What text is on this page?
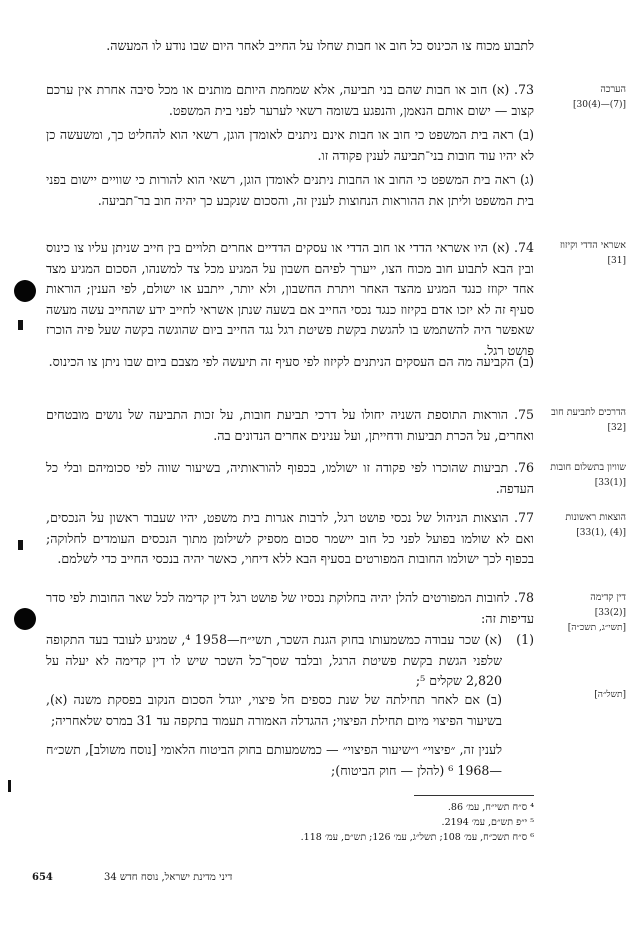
לתבוע מכוח צו הכינוס כל חוב או חבות שחלו על החייב לאחר היום שבו נודע לו המעשה.

הערכה
[(7)—(4)30]

73. (א) חוב או חבות שהם בני תביעה, אלא שמחמת היותם מותנים או מכל סיבה אחרת אין ערכם קצוב — ישום אותם הנאמן, והנפגע בשומה רשאי לערער לפני בית המשפט.

(ב) ראה בית המשפט כי חוב או חבות אינם ניתנים לאומדן הוגן, רשאי הוא להחליט כך, ומשעשה כן לא יהיו עוד חובות בני־תביעה לענין פקודה זו.

(ג) ראה בית המשפט כי החוב או החבות ניתנים לאומדן הוגן, רשאי הוא להורות כי שוויים יישום בפני בית המשפט וליתן את ההוראות הנחוצות לענין זה, והסכום שנקבע כך יהיה חוב בר־תביעה.

אשראי הדדי וקיזוז
[31]

74. (א) היו אשראי הדדי או חוב הדדי או עסקים הדדיים אחרים תלויים בין חייב שניתן עליו צו כינוס ובין הבא לתבוע חוב מכוח הצו, ייערך לפיהם חשבון על המגיע מכל צד למשנהו, הסכום המגיע מצד אחד יקוזז כנגד המגיע מהצד האחר ויתרת החשבון, ולא יותר, ייתבע או ישולם, לפי הענין; הוראות סעיף זה לא יזכו אדם בקיזוז כנגד נכסי החייב אם בשעה שנתן אשראי לחייב ידע שהחייב עשה מעשה שאפשר היה להשתמש בו להגשת בקשת פשיטת רגל נגד החייב ביום שהוגשה בקשה שעל פיה הוכרז פושט רגל.

(ב) הקביעה מה הם העסקים הניתנים לקיזוז לפי סעיף זה תיעשה לפי מצבם ביום שבו ניתן צו הכינוס.

הדרכים לתביעת חוב
[32]

75. הוראות התוספת השניה יחולו על דרכי תביעת חובות, על זכות התביעה של נושים מובטחים ואחרים, על הכרת תביעות ודחייתן, ועל ענינים אחרים הנדונים בה.

שוויון בתשלום חובות
[(1)33]

76. תביעות שהוכרו לפי פקודה זו ישולמו, בכפוף להוראותיה, בשיעור שווה לפי סכומיהם ובלי כל העדפה.

הוצאות ראשונות
[(4) ,(1)33]

77. הוצאות הניהול של נכסי פושט רגל, לרבות אגרות בית משפט, יהיו שעבוד ראשון על הנכסים, ואם לא שולמו בפועל לפני כל חוב יישמר סכום מספיק לשילומן מתוך הנכסים העומדים לחלוקה; בכפוף לכך ישולמו החובות המפורטים בסעיף הבא ללא דיחוי, כאשר יהיה בנכסי החייב כדי לשלמם.

דין קדימה
[(2)33]
[תשי״ג, תשכ״ה]
[תשל״ה]

78. לחובות המפורטים להלן יהיה בחלוקת נכסיו של פושט רגל דין קדימה לכל שאר החובות לפי סדר עדיפות זה:

(1)

(א) שכר עבודה כמשמעותו בחוק הגנת השכר, תשי״ח—1958 ⁴, שמגיע לעובד בעד התקופה שלפני הגשת בקשת פשיטת הרגל, ובלבד שסך־כל השכר שיש לו דין קדימה לא יעלה על 2,820 שקלים ⁵;

(ב) אם לאחר תחילתה של שנת כספים חל פיצוי, יוגדל הסכום הנקוב בפסקת משנה (א), בשיעור הפיצוי מיום תחילת הפיצוי; ההגדלה האמורה תעמוד בתקפה עד 31 במרס שלאחריה;

לענין זה, ״פיצוי״ ו״שיעור הפיצוי״ — כמשמעותם בחוק הביטוח הלאומי [נוסח משולב], תשכ״ח—1968 ⁶ (להלן — חוק הביטוח);

⁴ ס״ח תשי״ח, עמ׳ 86.
⁵ י״פ תש״ם, עמ׳ 2194.
⁶ ס״ח תשכ״ח, עמ׳ 108; תשל״ג, עמ׳ 126; תש״ם, עמ׳ 118.
דיני מדינת ישראל, נוסח חדש 34
654
